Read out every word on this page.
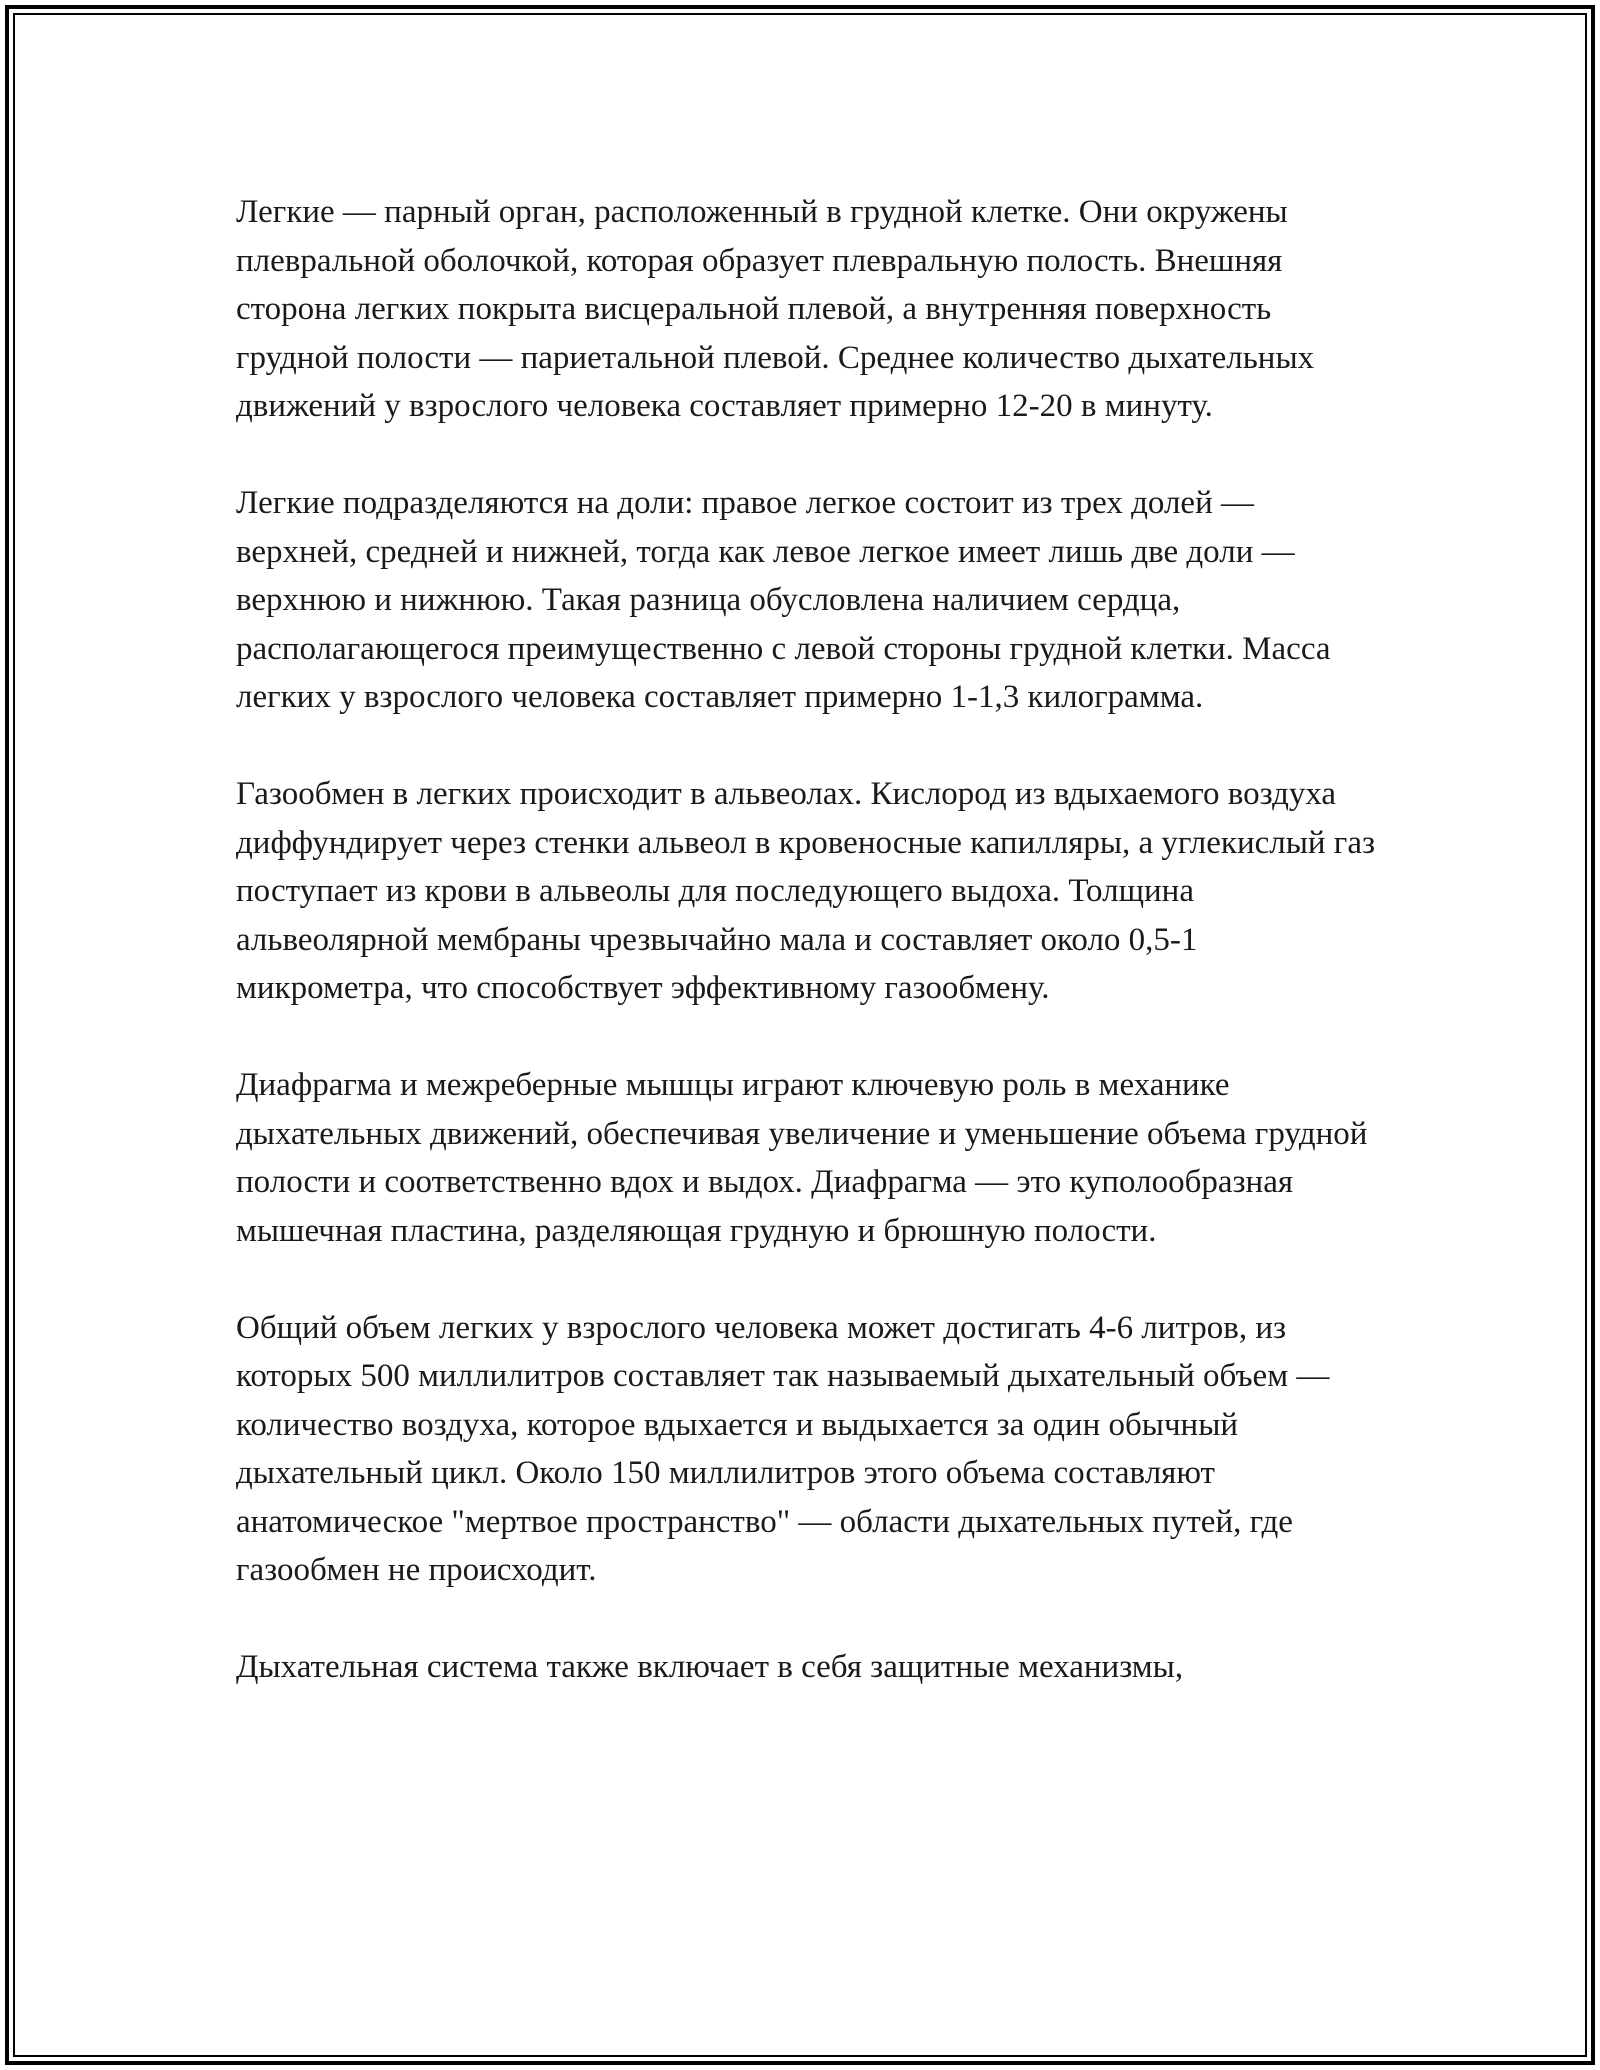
Легкие — парный орган, расположенный в грудной клетке. Они окружены плевральной оболочкой, которая образует плевральную полость. Внешняя сторона легких покрыта висцеральной плевой, а внутренняя поверхность грудной полости — париетальной плевой. Среднее количество дыхательных движений у взрослого человека составляет примерно 12-20 в минуту.

Легкие подразделяются на доли: правое легкое состоит из трех долей — верхней, средней и нижней, тогда как левое легкое имеет лишь две доли — верхнюю и нижнюю. Такая разница обусловлена наличием сердца, располагающегося преимущественно с левой стороны грудной клетки. Масса легких у взрослого человека составляет примерно 1-1,3 килограмма.

Газообмен в легких происходит в альвеолах. Кислород из вдыхаемого воздуха диффундирует через стенки альвеол в кровеносные капилляры, а углекислый газ поступает из крови в альвеолы для последующего выдоха. Толщина альвеолярной мембраны чрезвычайно мала и составляет около 0,5-1 микрометра, что способствует эффективному газообмену.

Диафрагма и межреберные мышцы играют ключевую роль в механике дыхательных движений, обеспечивая увеличение и уменьшение объема грудной полости и соответственно вдох и выдох. Диафрагма — это куполообразная мышечная пластина, разделяющая грудную и брюшную полости.

Общий объем легких у взрослого человека может достигать 4-6 литров, из которых 500 миллилитров составляет так называемый дыхательный объем — количество воздуха, которое вдыхается и выдыхается за один обычный дыхательный цикл. Около 150 миллилитров этого объема составляют анатомическое "мертвое пространство" — области дыхательных путей, где газообмен не происходит.

Дыхательная система также включает в себя защитные механизмы,
